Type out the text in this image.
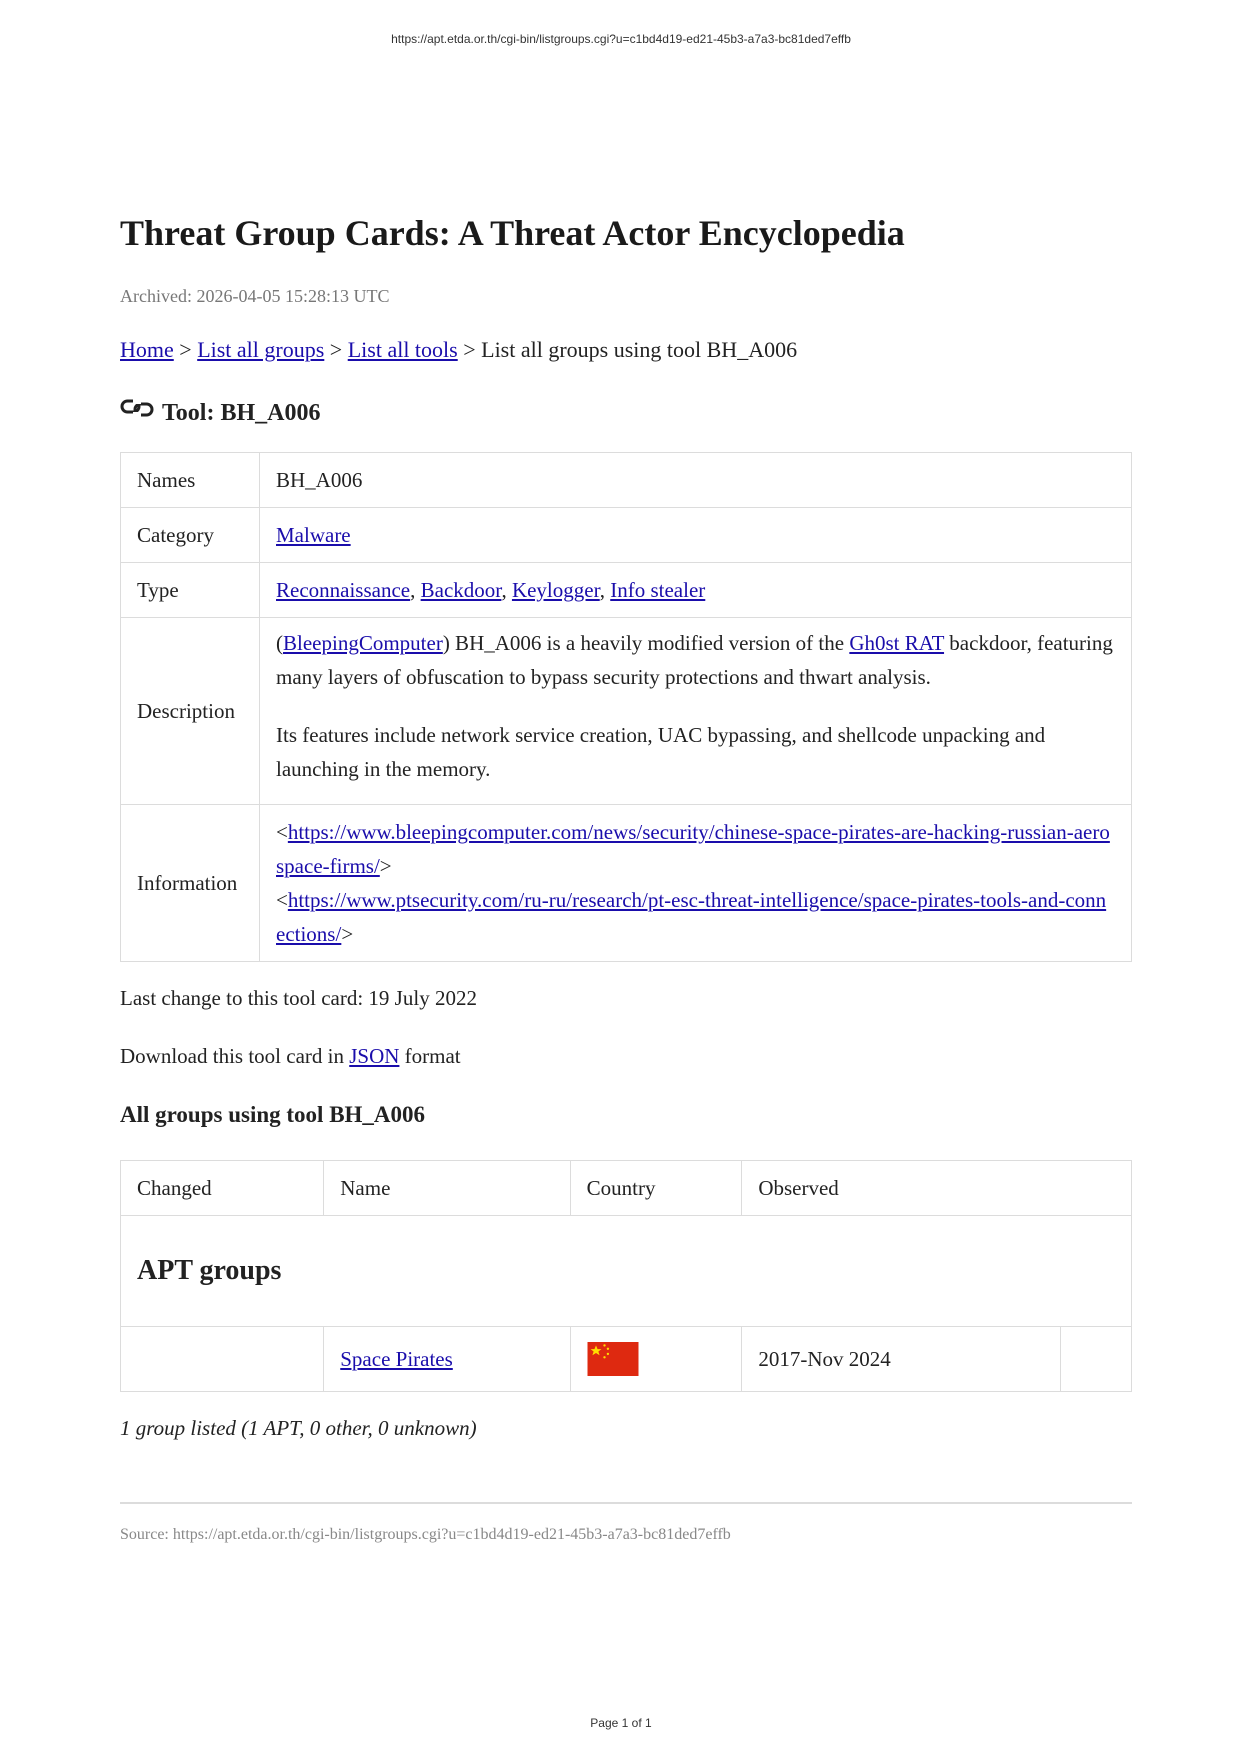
https://apt.etda.or.th/cgi-bin/listgroups.cgi?u=c1bd4d19-ed21-45b3-a7a3-bc81ded7effb
Threat Group Cards: A Threat Actor Encyclopedia
Archived: 2026-04-05 15:28:13 UTC
Home > List all groups > List all tools > List all groups using tool BH_A006
Tool: BH_A006
Names	BH_A006
Category	Malware
Type	Reconnaissance, Backdoor, Keylogger, Info stealer
Description	(BleepingComputer) BH_A006 is a heavily modified version of the Gh0st RAT backdoor, featuring many layers of obfuscation to bypass security protections and thwart analysis.

Its features include network service creation, UAC bypassing, and shellcode unpacking and launching in the memory.

Information	<https://www.bleepingcomputer.com/news/security/chinese-space-pirates-are-hacking-russian-aerospace-firms/>
<https://www.ptsecurity.com/ru-ru/research/pt-esc-threat-intelligence/space-pirates-tools-and-connections/>
Last change to this tool card: 19 July 2022
Download this tool card in JSON format
All groups using tool BH_A006
Changed	Name	Country	Observed	
APT groups				
	Space Pirates		2017-Nov 2024	
1 group listed (1 APT, 0 other, 0 unknown)
Source: https://apt.etda.or.th/cgi-bin/listgroups.cgi?u=c1bd4d19-ed21-45b3-a7a3-bc81ded7effb
Page 1 of 1
